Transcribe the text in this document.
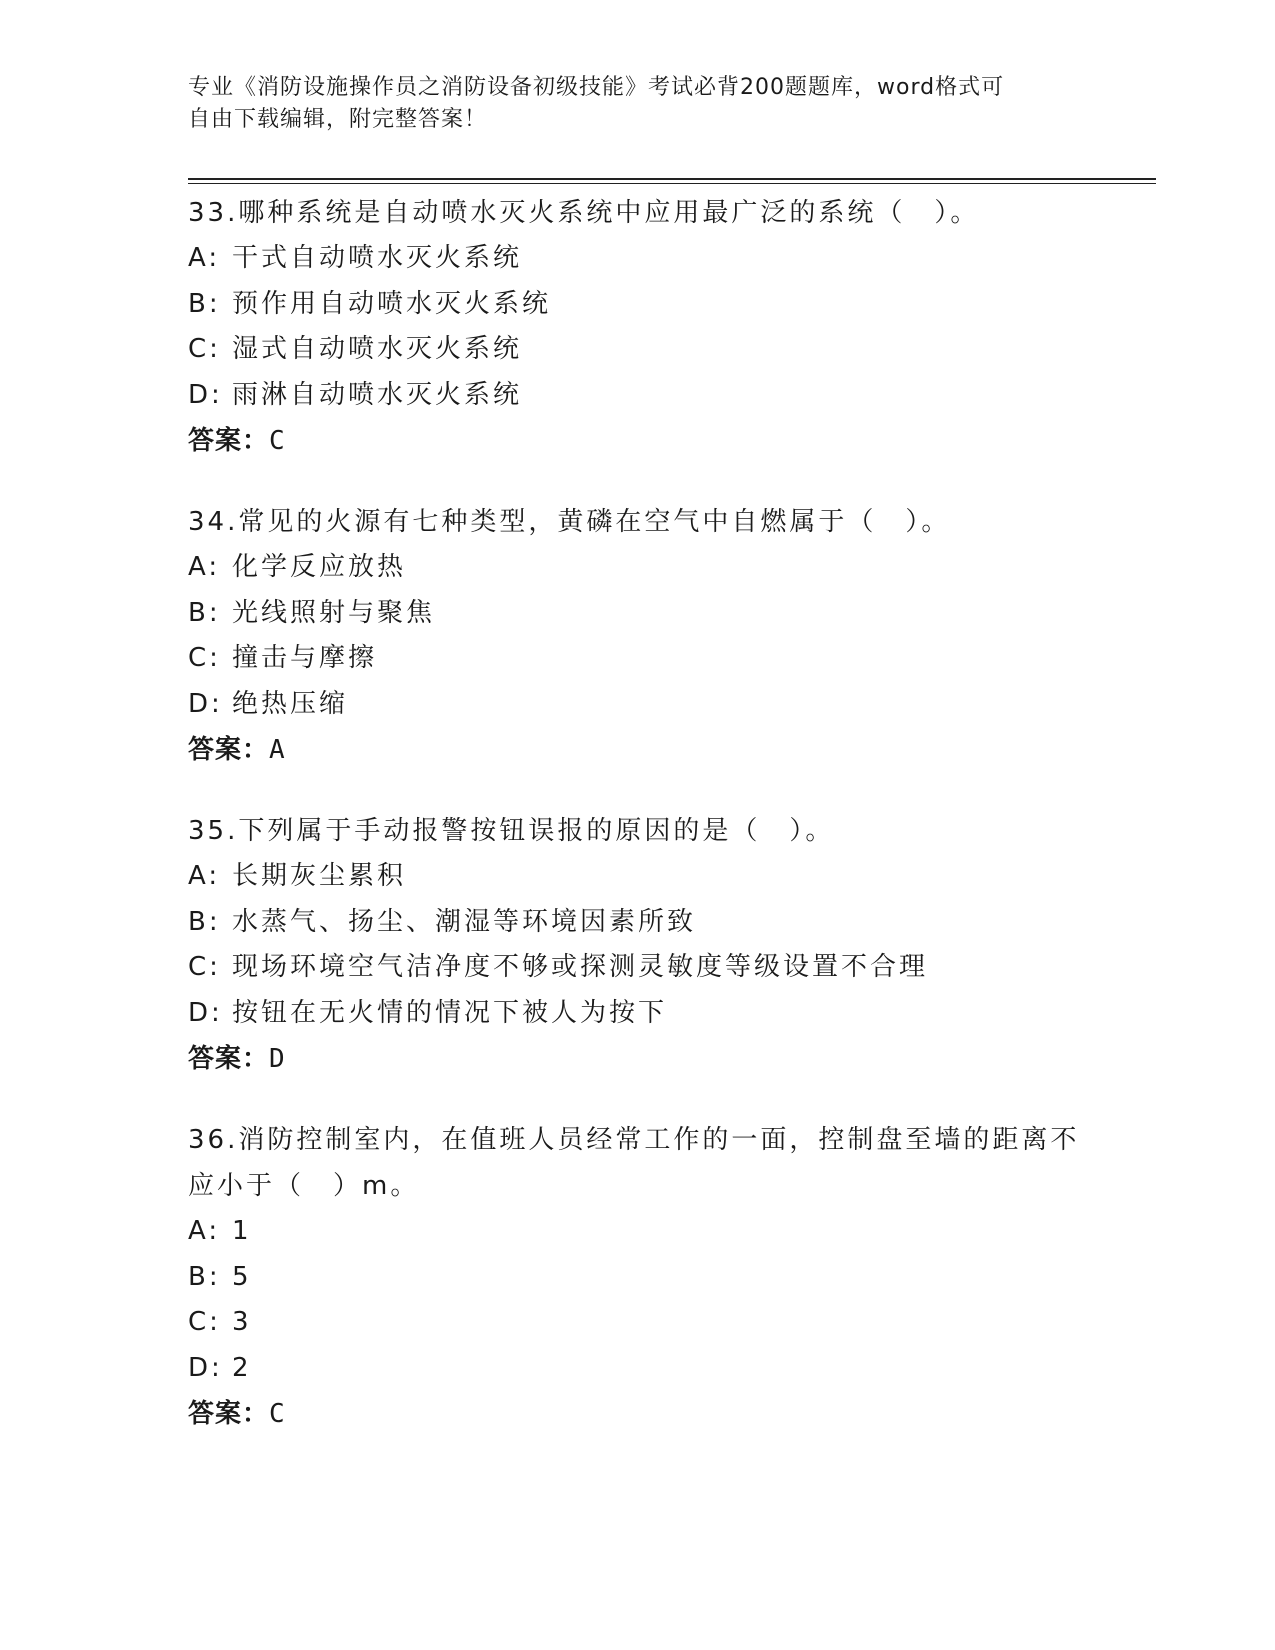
专业《消防设施操作员之消防设备初级技能》考试必背200题题库，word格式可
自由下载编辑，附完整答案！
33.哪种系统是自动喷水灭火系统中应用最广泛的系统（　）。
A: 干式自动喷水灭火系统
B: 预作用自动喷水灭火系统
C: 湿式自动喷水灭火系统
D: 雨淋自动喷水灭火系统
答案：C
34.常见的火源有七种类型，黄磷在空气中自燃属于（　）。
A: 化学反应放热
B: 光线照射与聚焦
C: 撞击与摩擦
D: 绝热压缩
答案：A
35.下列属于手动报警按钮误报的原因的是（　）。
A: 长期灰尘累积
B: 水蒸气、扬尘、潮湿等环境因素所致
C: 现场环境空气洁净度不够或探测灵敏度等级设置不合理
D: 按钮在无火情的情况下被人为按下
答案：D
36.消防控制室内，在值班人员经常工作的一面，控制盘至墙的距离不应小于（　）m。
A: 1
B: 5
C: 3
D: 2
答案：C
